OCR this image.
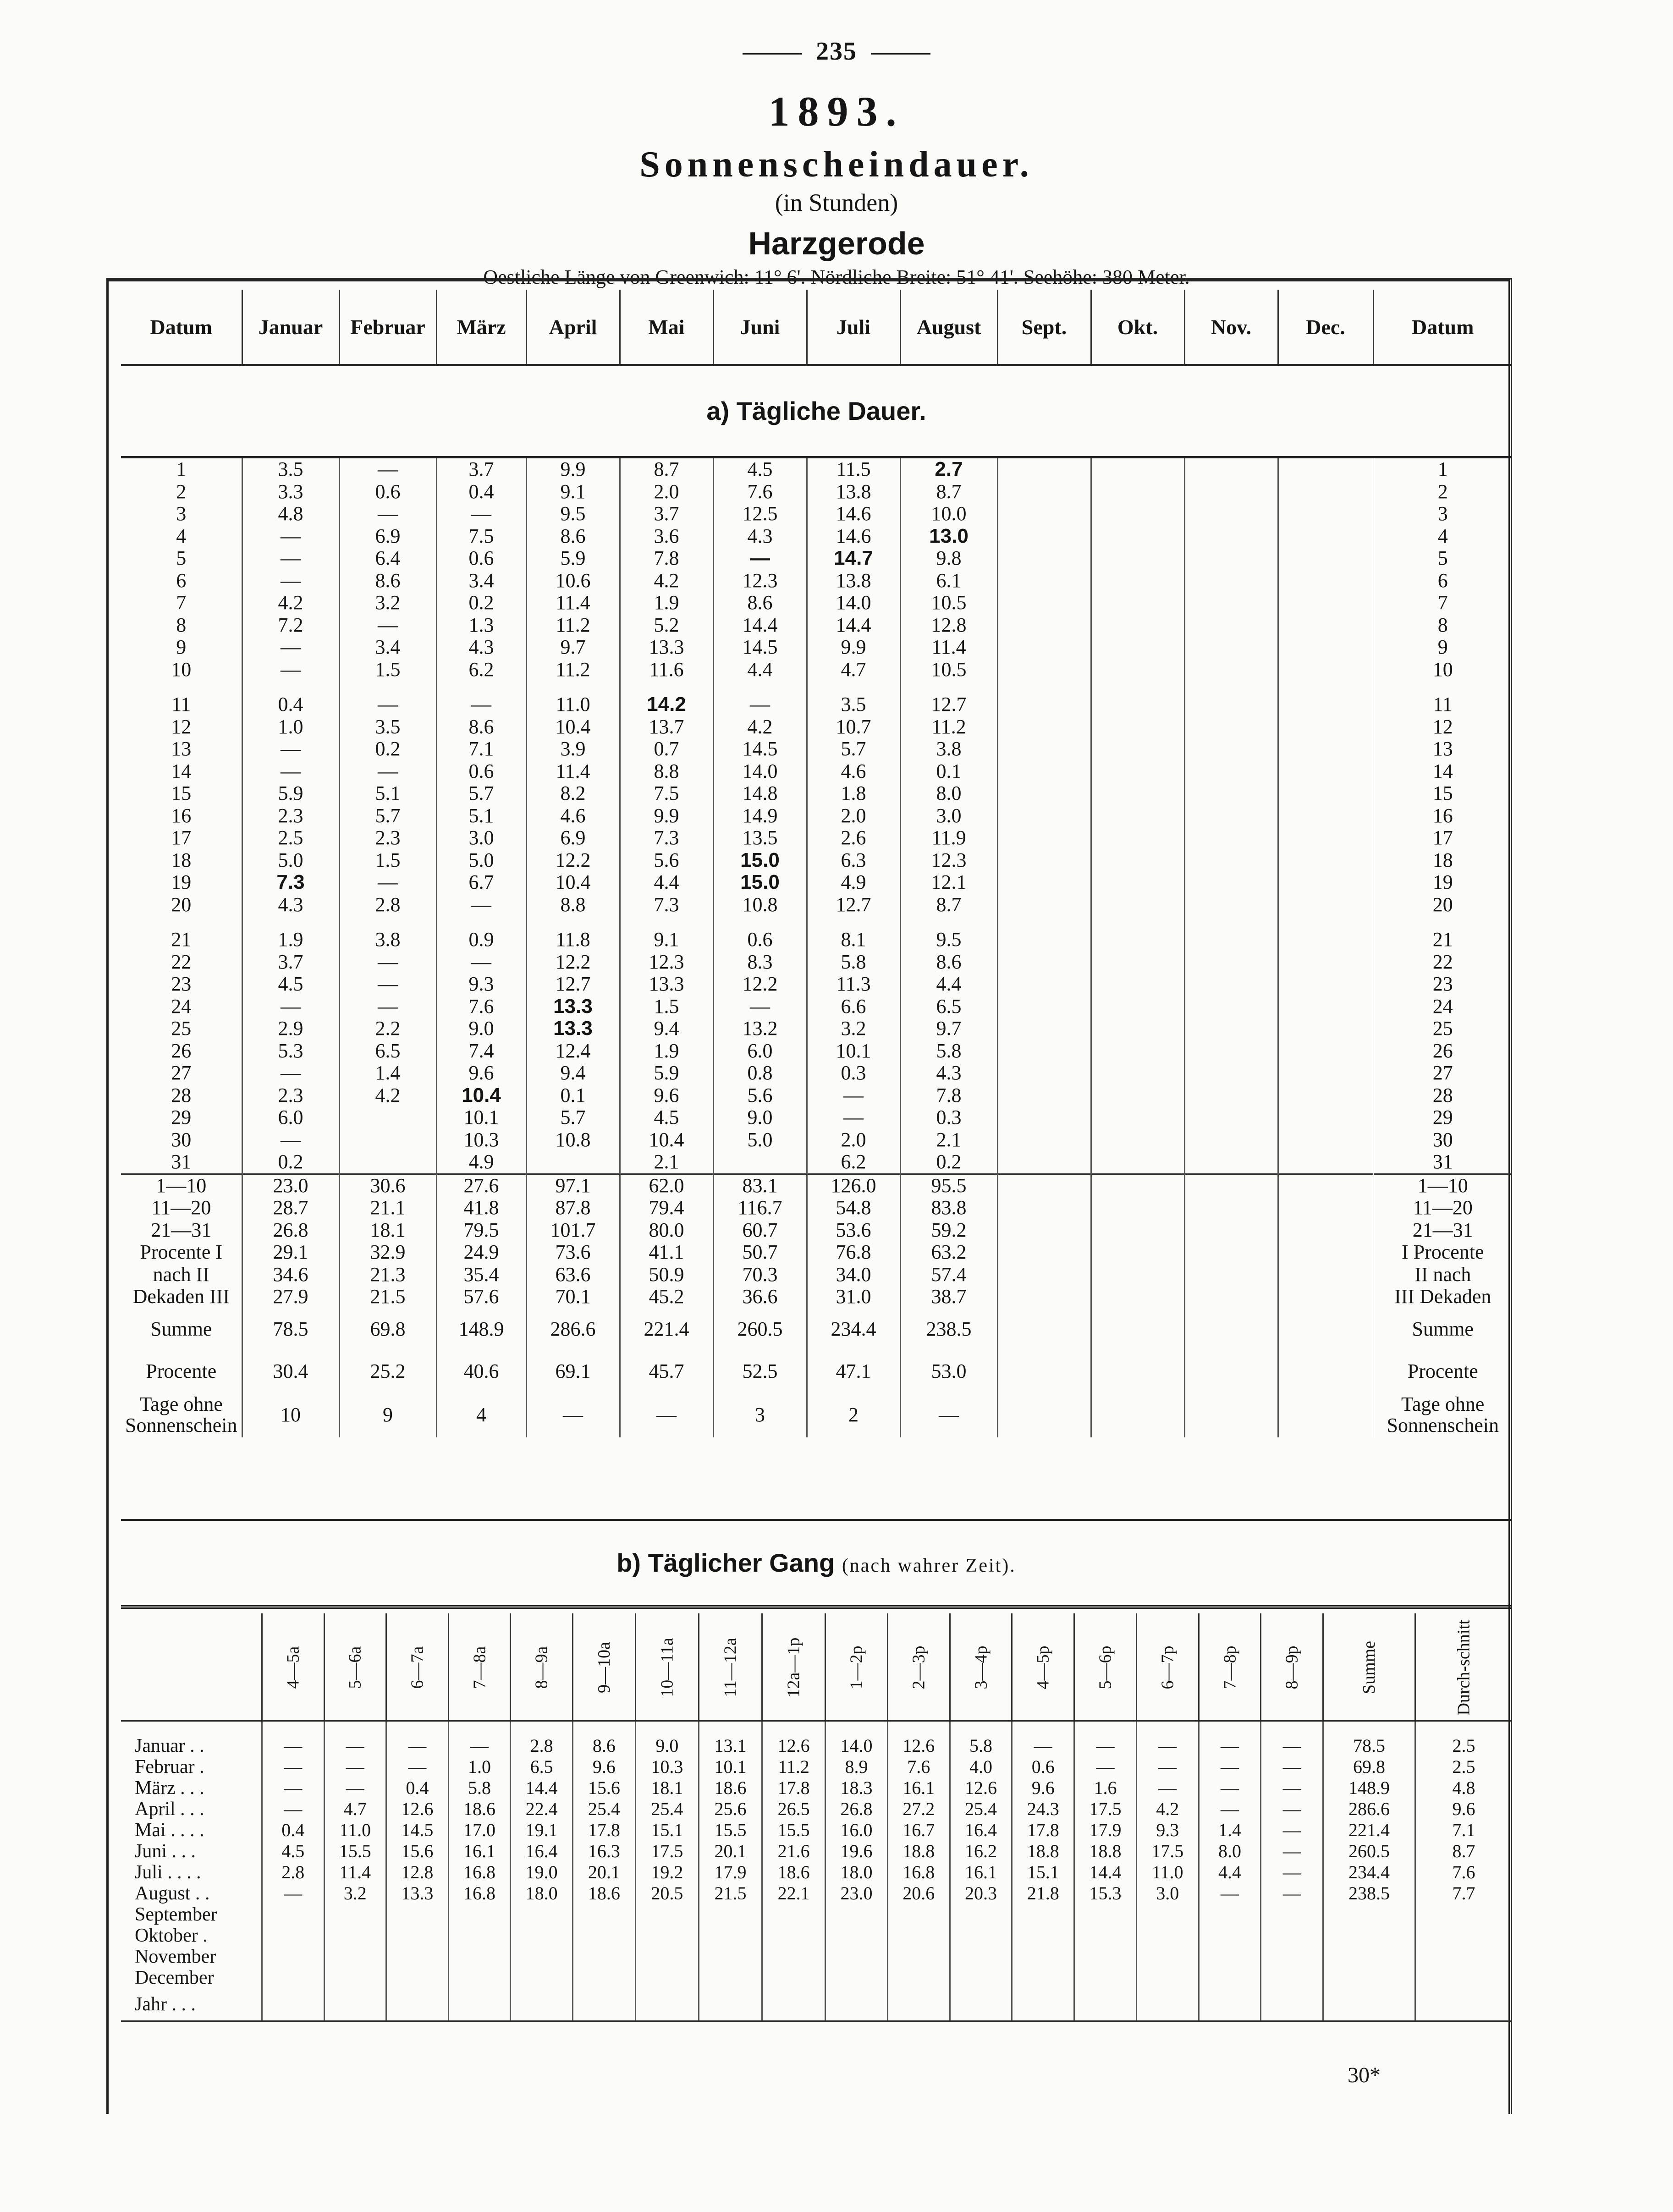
235
1893.
Sonnenscheindauer.
(in Stunden)
Harzgerode
Oestliche Länge von Greenwich: 11° 6'. Nördliche Breite: 51° 41'. Seehöhe: 380 Meter.
Datum	Januar	Februar	März	April	Mai	Juni	Juli	August	Sept.	Okt.	Nov.	Dec.	Datum
a) Tägliche Dauer.													
1	3.5	—	3.7	9.9	8.7	4.5	11.5	2.7					1
2	3.3	0.6	0.4	9.1	2.0	7.6	13.8	8.7					2
3	4.8	—	—	9.5	3.7	12.5	14.6	10.0					3
4	—	6.9	7.5	8.6	3.6	4.3	14.6	13.0					4
5	—	6.4	0.6	5.9	7.8	—	14.7	9.8					5
6	—	8.6	3.4	10.6	4.2	12.3	13.8	6.1					6
7	4.2	3.2	0.2	11.4	1.9	8.6	14.0	10.5					7
8	7.2	—	1.3	11.2	5.2	14.4	14.4	12.8					8
9	—	3.4	4.3	9.7	13.3	14.5	9.9	11.4					9
10	—	1.5	6.2	11.2	11.6	4.4	4.7	10.5					10

11	0.4	—	—	11.0	14.2	—	3.5	12.7					11
12	1.0	3.5	8.6	10.4	13.7	4.2	10.7	11.2					12
13	—	0.2	7.1	3.9	0.7	14.5	5.7	3.8					13
14	—	—	0.6	11.4	8.8	14.0	4.6	0.1					14
15	5.9	5.1	5.7	8.2	7.5	14.8	1.8	8.0					15
16	2.3	5.7	5.1	4.6	9.9	14.9	2.0	3.0					16
17	2.5	2.3	3.0	6.9	7.3	13.5	2.6	11.9					17
18	5.0	1.5	5.0	12.2	5.6	15.0	6.3	12.3					18
19	7.3	—	6.7	10.4	4.4	15.0	4.9	12.1					19
20	4.3	2.8	—	8.8	7.3	10.8	12.7	8.7					20

21	1.9	3.8	0.9	11.8	9.1	0.6	8.1	9.5					21
22	3.7	—	—	12.2	12.3	8.3	5.8	8.6					22
23	4.5	—	9.3	12.7	13.3	12.2	11.3	4.4					23
24	—	—	7.6	13.3	1.5	—	6.6	6.5					24
25	2.9	2.2	9.0	13.3	9.4	13.2	3.2	9.7					25
26	5.3	6.5	7.4	12.4	1.9	6.0	10.1	5.8					26
27	—	1.4	9.6	9.4	5.9	0.8	0.3	4.3					27
28	2.3	4.2	10.4	0.1	9.6	5.6	—	7.8					28
29	6.0		10.1	5.7	4.5	9.0	—	0.3					29
30	—		10.3	10.8	10.4	5.0	2.0	2.1					30
31	0.2		4.9		2.1		6.2	0.2					31
1—10	23.0	30.6	27.6	97.1	62.0	83.1	126.0	95.5					1—10
11—20	28.7	21.1	41.8	87.8	79.4	116.7	54.8	83.8					11—20
21—31	26.8	18.1	79.5	101.7	80.0	60.7	53.6	59.2					21—31
Procente I	29.1	32.9	24.9	73.6	41.1	50.7	76.8	63.2					I Procente
nach II	34.6	21.3	35.4	63.6	50.9	70.3	34.0	57.4					II nach
Dekaden III	27.9	21.5	57.6	70.1	45.2	36.6	31.0	38.7					III Dekaden
Summe	78.5	69.8	148.9	286.6	221.4	260.5	234.4	238.5					Summe
Procente	30.4	25.2	40.6	69.1	45.7	52.5	47.1	53.0					Procente
Tage ohne Sonnenschein	10	9	4	—	—	3	2	—					Tage ohne Sonnenschein
b) Täglicher Gang (nach wahrer Zeit).
	4—5a	5—6a	6—7a	7—8a	8—9a	9—10a	10—11a	11—12a	12a—1p	1—2p	2—3p	3—4p	4—5p	5—6p	6—7p	7—8p	8—9p	Summe	Durch-schnitt

Januar . .	—	—	—	—	2.8	8.6	9.0	13.1	12.6	14.0	12.6	5.8	—	—	—	—	—	78.5	2.5
Februar .	—	—	—	1.0	6.5	9.6	10.3	10.1	11.2	8.9	7.6	4.0	0.6	—	—	—	—	69.8	2.5
März . . .	—	—	0.4	5.8	14.4	15.6	18.1	18.6	17.8	18.3	16.1	12.6	9.6	1.6	—	—	—	148.9	4.8
April . . .	—	4.7	12.6	18.6	22.4	25.4	25.4	25.6	26.5	26.8	27.2	25.4	24.3	17.5	4.2	—	—	286.6	9.6
Mai . . . .	0.4	11.0	14.5	17.0	19.1	17.8	15.1	15.5	15.5	16.0	16.7	16.4	17.8	17.9	9.3	1.4	—	221.4	7.1
Juni . . .	4.5	15.5	15.6	16.1	16.4	16.3	17.5	20.1	21.6	19.6	18.8	16.2	18.8	18.8	17.5	8.0	—	260.5	8.7
Juli . . . .	2.8	11.4	12.8	16.8	19.0	20.1	19.2	17.9	18.6	18.0	16.8	16.1	15.1	14.4	11.0	4.4	—	234.4	7.6
August . .	—	3.2	13.3	16.8	18.0	18.6	20.5	21.5	22.1	23.0	20.6	20.3	21.8	15.3	3.0	—	—	238.5	7.7
September																			
Oktober .																			
November																			
December																			
Jahr . . .																			
30*
